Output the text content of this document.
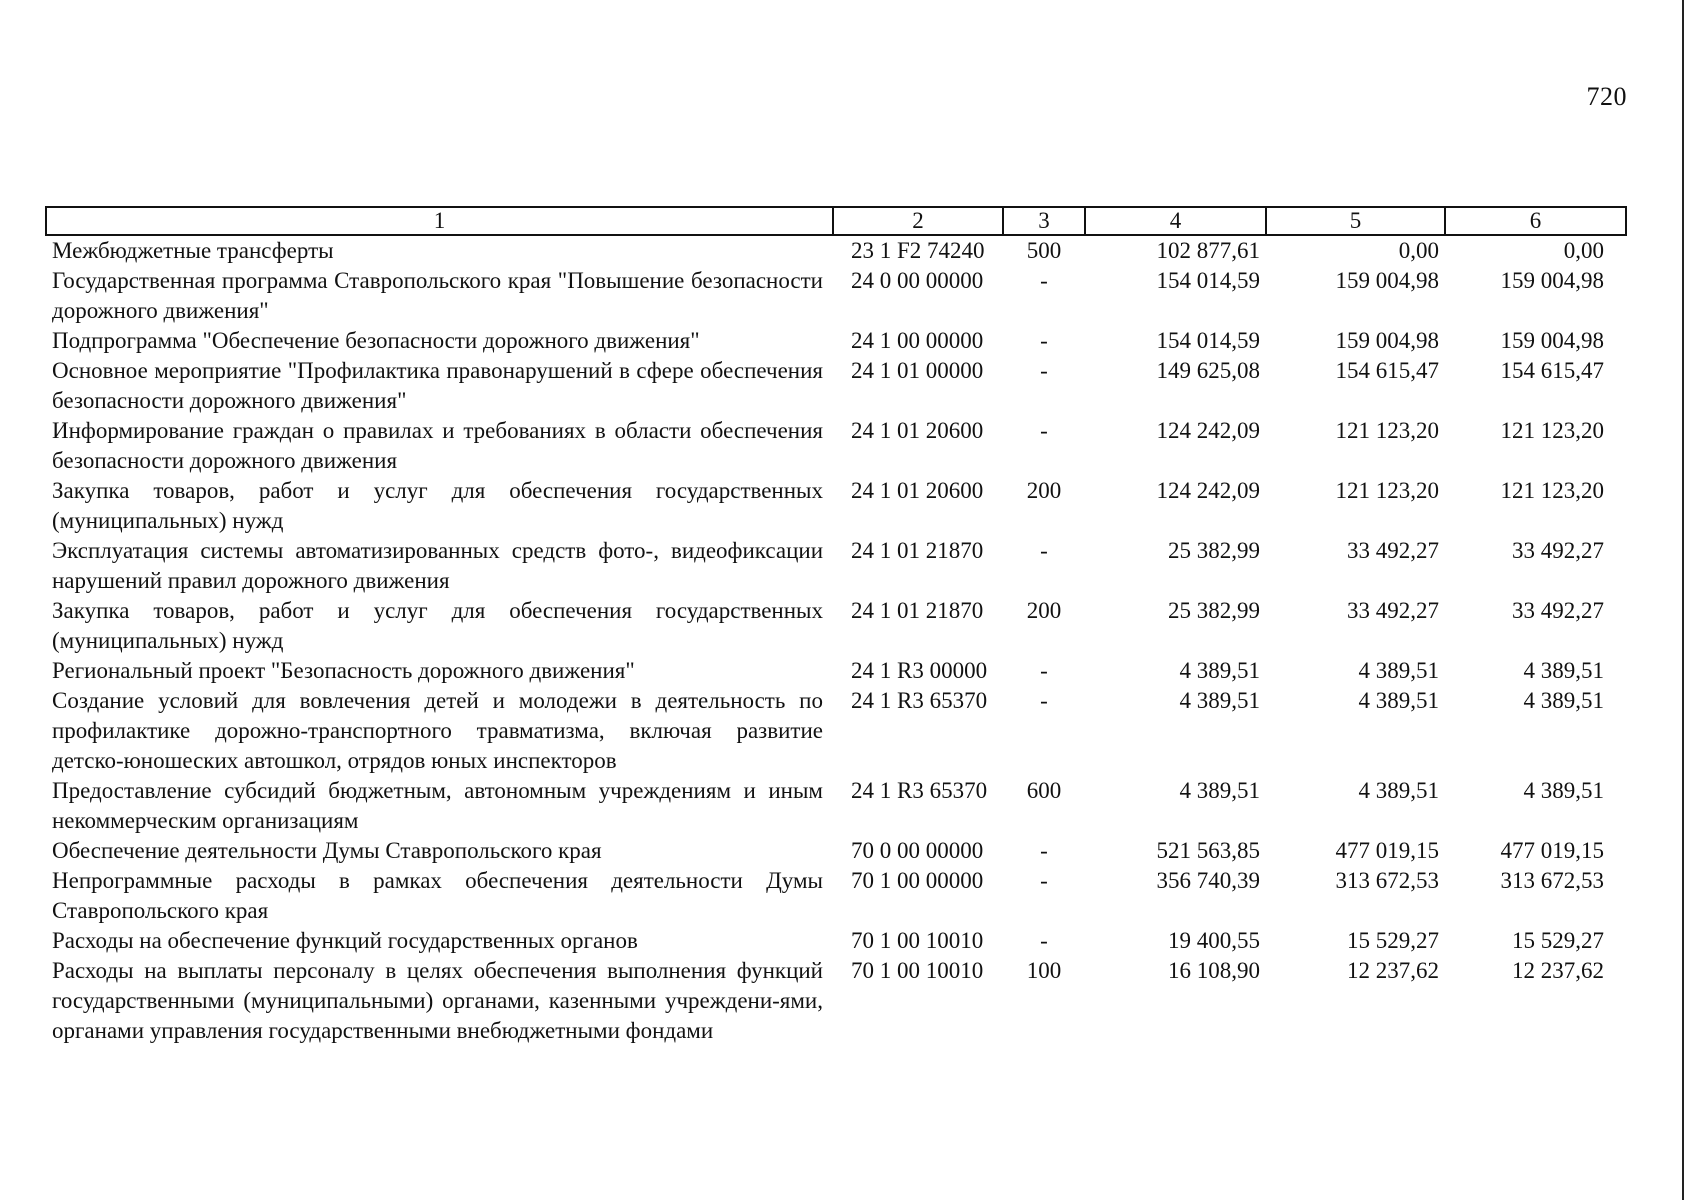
720
1	2	3	4	5	6
Межбюджетные трансферты	23 1 F2 74240	500	102 877,61	0,00	0,00
Государственная программа Ставропольского края "Повышение безопасности дорожного движения"	24 0 00 00000	-	154 014,59	159 004,98	159 004,98
Подпрограмма "Обеспечение безопасности дорожного движения"	24 1 00 00000	-	154 014,59	159 004,98	159 004,98
Основное мероприятие "Профилактика правонарушений в сфере обеспечения безопасности дорожного движения"	24 1 01 00000	-	149 625,08	154 615,47	154 615,47
Информирование граждан о правилах и требованиях в области обеспечения безопасности дорожного движения	24 1 01 20600	-	124 242,09	121 123,20	121 123,20
Закупка товаров, работ и услуг для обеспечения государственных (муниципальных) нужд	24 1 01 20600	200	124 242,09	121 123,20	121 123,20
Эксплуатация системы автоматизированных средств фото-, видеофиксации нарушений правил дорожного движения	24 1 01 21870	-	25 382,99	33 492,27	33 492,27
Закупка товаров, работ и услуг для обеспечения государственных (муниципальных) нужд	24 1 01 21870	200	25 382,99	33 492,27	33 492,27
Региональный проект "Безопасность дорожного движения"	24 1 R3 00000	-	4 389,51	4 389,51	4 389,51
Создание условий для вовлечения детей и молодежи в деятельность по профилактике дорожно-транспортного травматизма, включая развитие детско-юношеских автошкол, отрядов юных инспекторов	24 1 R3 65370	-	4 389,51	4 389,51	4 389,51
Предоставление субсидий бюджетным, автономным учреждениям и иным некоммерческим организациям	24 1 R3 65370	600	4 389,51	4 389,51	4 389,51
Обеспечение деятельности Думы Ставропольского края	70 0 00 00000	-	521 563,85	477 019,15	477 019,15
Непрограммные расходы в рамках обеспечения деятельности Думы Ставропольского края	70 1 00 00000	-	356 740,39	313 672,53	313 672,53
Расходы на обеспечение функций государственных органов	70 1 00 10010	-	19 400,55	15 529,27	15 529,27
Расходы на выплаты персоналу в целях обеспечения выполнения функций государственными (муниципальными) органами, казенными учреждени-ями, органами управления государственными внебюджетными фондами	70 1 00 10010	100	16 108,90	12 237,62	12 237,62
